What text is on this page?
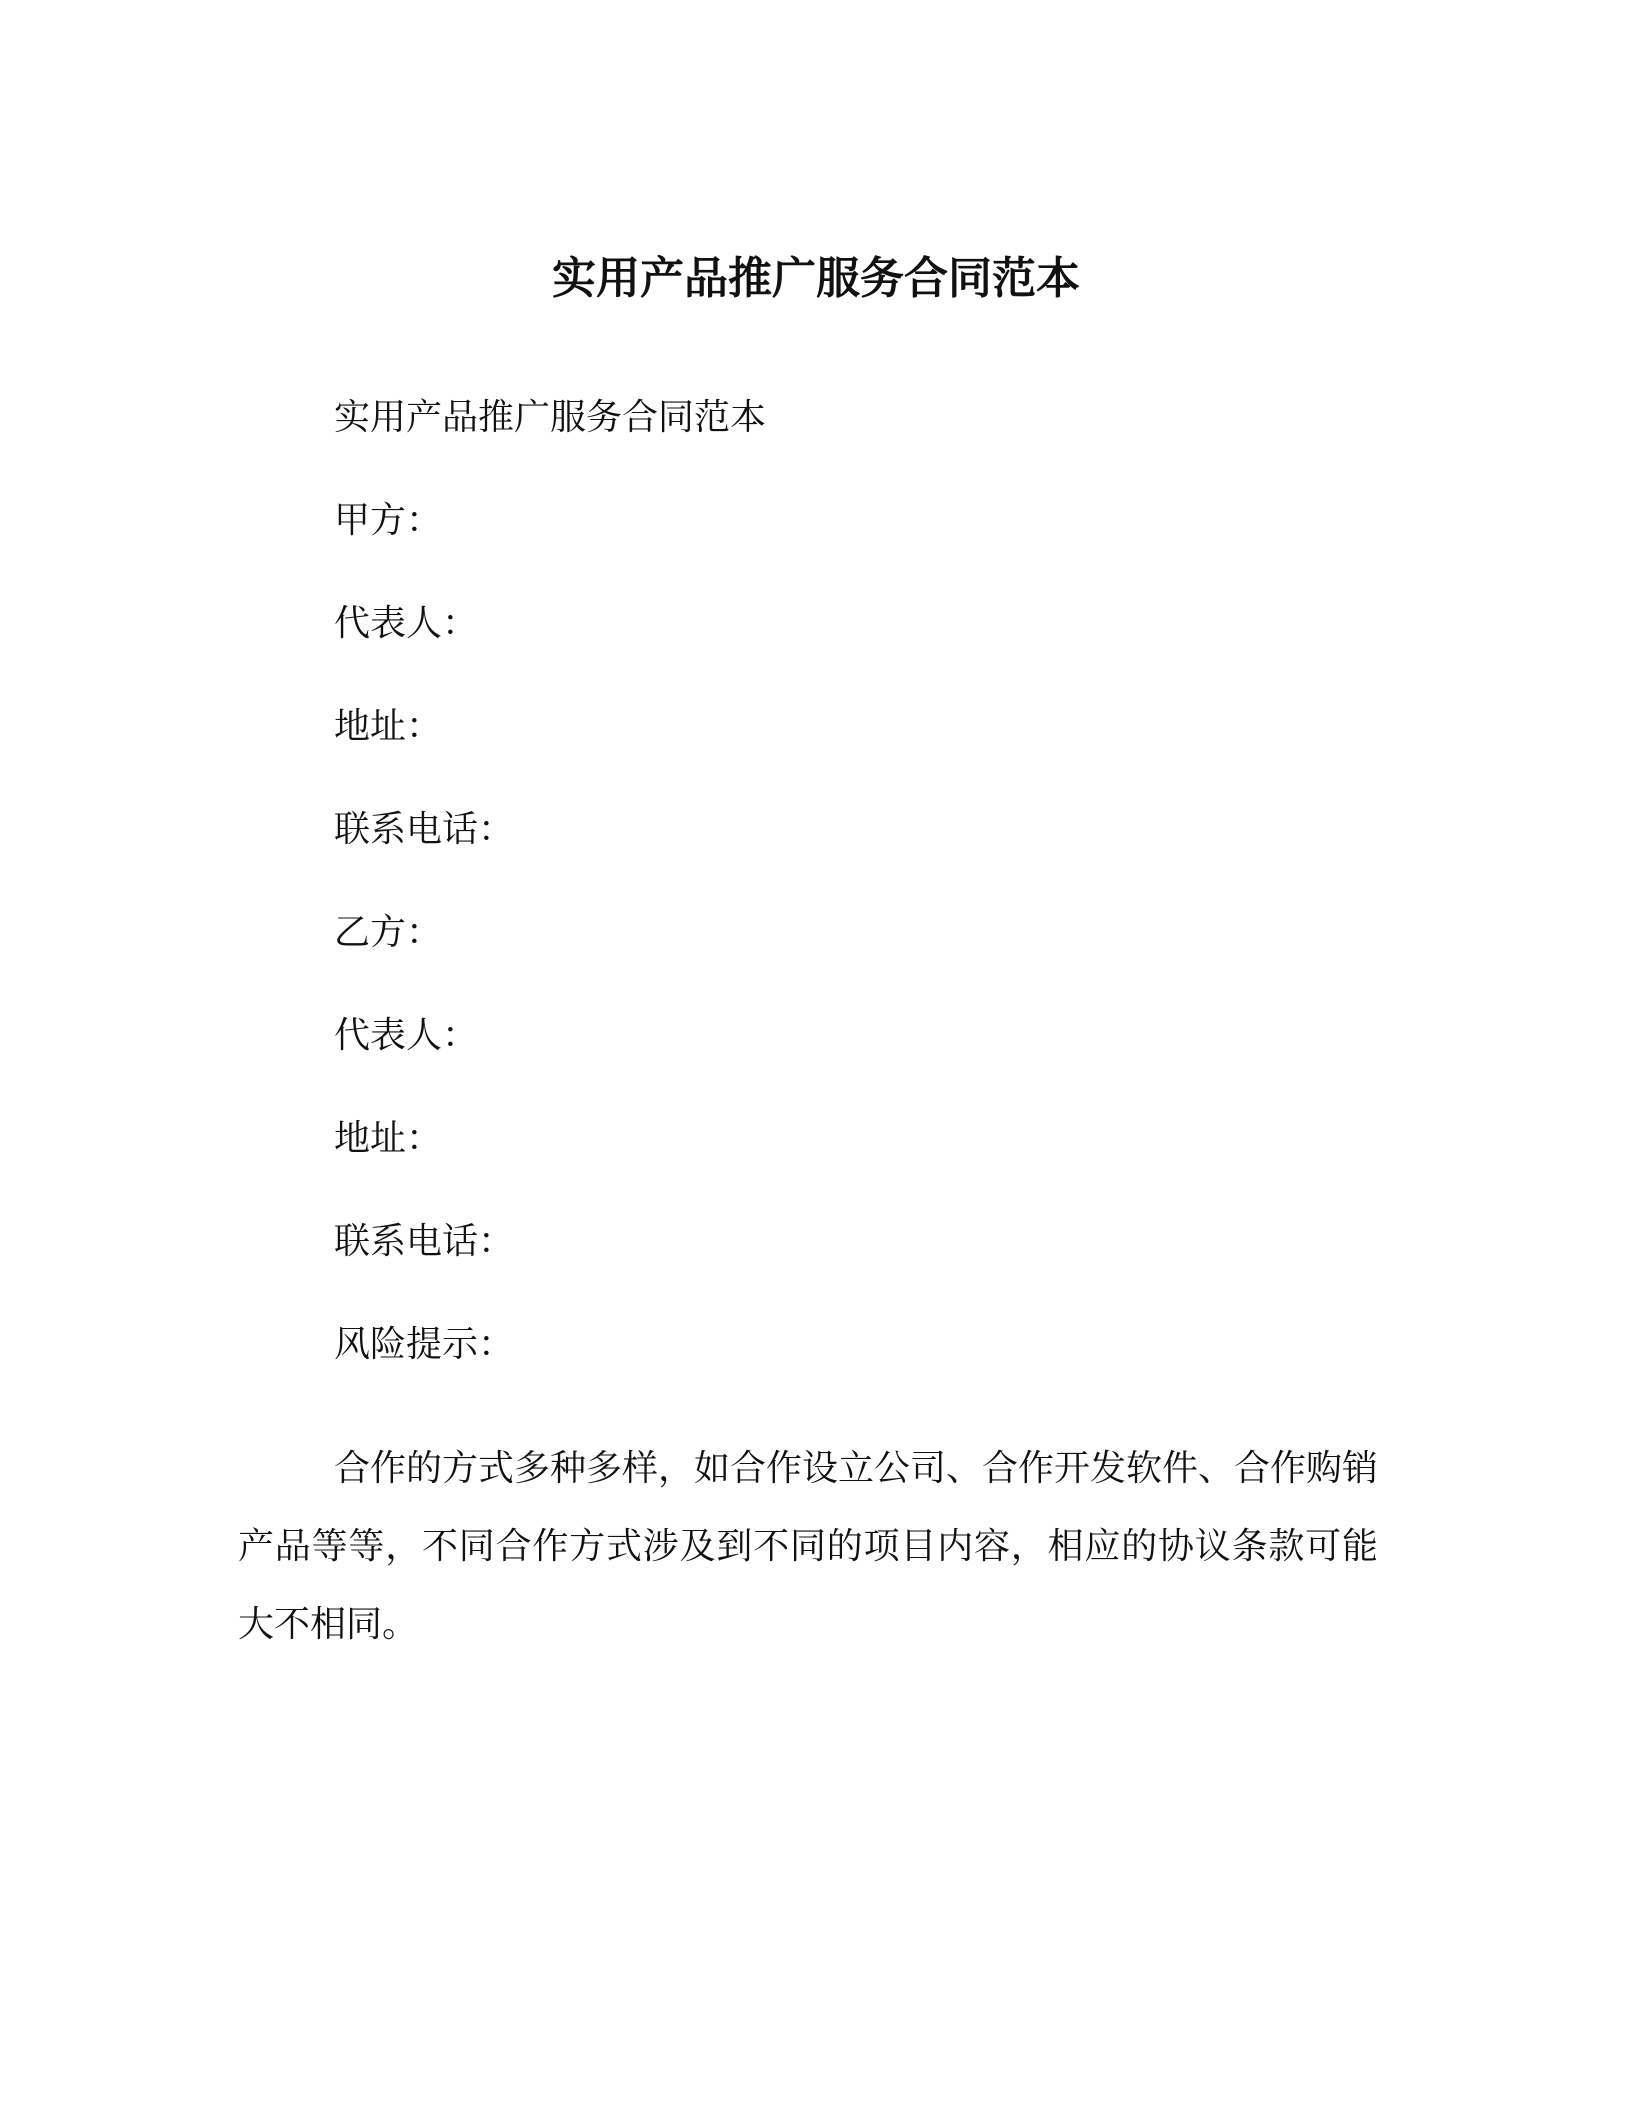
实用产品推广服务合同范本
实用产品推广服务合同范本
甲方：
代表人：
地址：
联系电话：
乙方：
代表人：
地址：
联系电话：
风险提示：

合作的方式多种多样，如合作设立公司、合作开发软件、合作购销产品等等，不同合作方式涉及到不同的项目内容，相应的协议条款可能大不相同。
